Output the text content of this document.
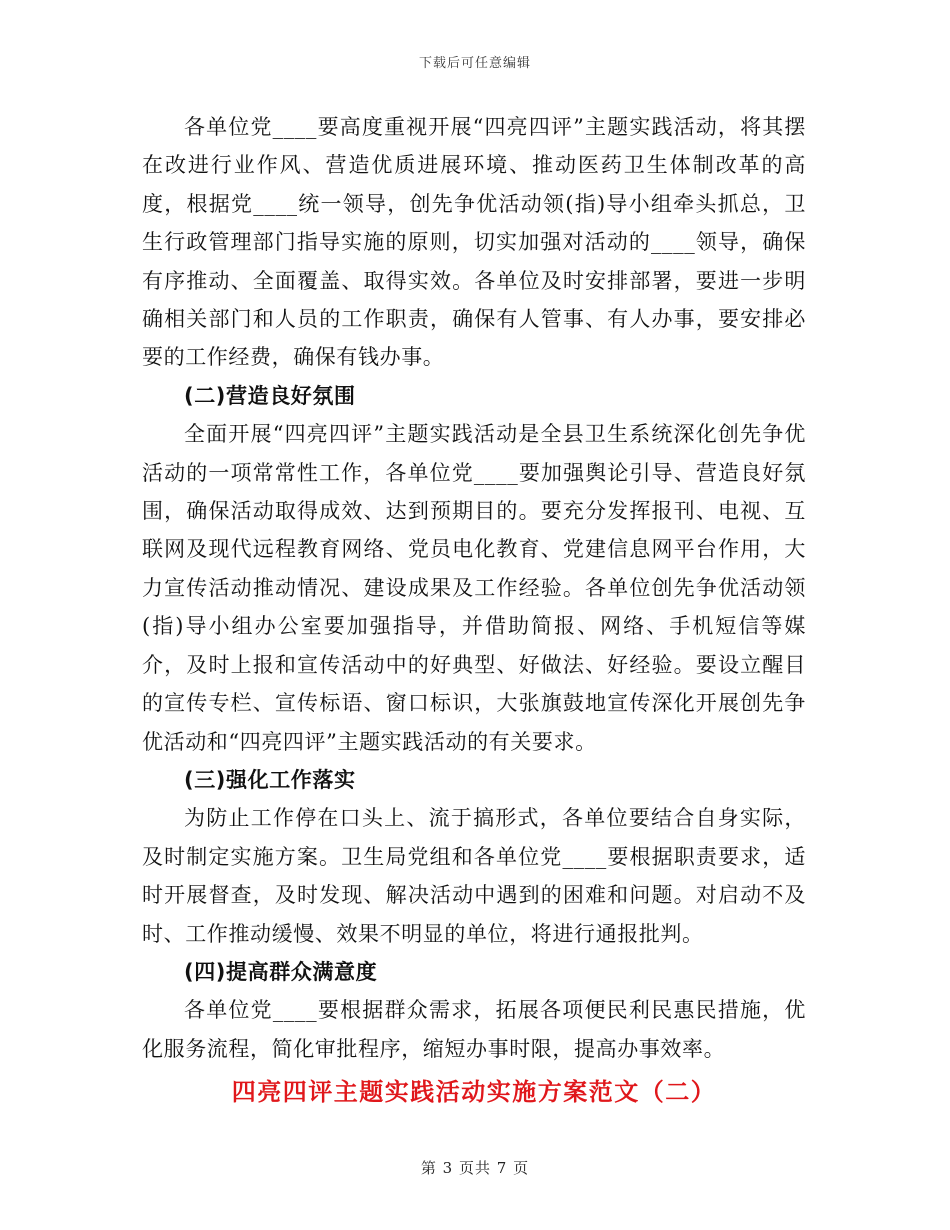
下载后可任意编辑

各单位党____要高度重视开展“四亮四评”主题实践活动，将其摆在改进行业作风、营造优质进展环境、推动医药卫生体制改革的高度，根据党____统一领导，创先争优活动领(指)导小组牵头抓总，卫生行政管理部门指导实施的原则，切实加强对活动的____领导，确保有序推动、全面覆盖、取得实效。各单位及时安排部署，要进一步明确相关部门和人员的工作职责，确保有人管事、有人办事，要安排必要的工作经费，确保有钱办事。

(二)营造良好氛围

全面开展“四亮四评”主题实践活动是全县卫生系统深化创先争优活动的一项常常性工作，各单位党____要加强舆论引导、营造良好氛围，确保活动取得成效、达到预期目的。要充分发挥报刊、电视、互联网及现代远程教育网络、党员电化教育、党建信息网平台作用，大力宣传活动推动情况、建设成果及工作经验。各单位创先争优活动领(指)导小组办公室要加强指导，并借助简报、网络、手机短信等媒介，及时上报和宣传活动中的好典型、好做法、好经验。要设立醒目的宣传专栏、宣传标语、窗口标识，大张旗鼓地宣传深化开展创先争优活动和“四亮四评”主题实践活动的有关要求。

(三)强化工作落实

为防止工作停在口头上、流于搞形式，各单位要结合自身实际，及时制定实施方案。卫生局党组和各单位党____要根据职责要求，适时开展督查，及时发现、解决活动中遇到的困难和问题。对启动不及时、工作推动缓慢、效果不明显的单位，将进行通报批判。

(四)提高群众满意度

各单位党____要根据群众需求，拓展各项便民利民惠民措施，优化服务流程，简化审批程序，缩短办事时限，提高办事效率。

四亮四评主题实践活动实施方案范文（二）
第 3 页共 7 页
